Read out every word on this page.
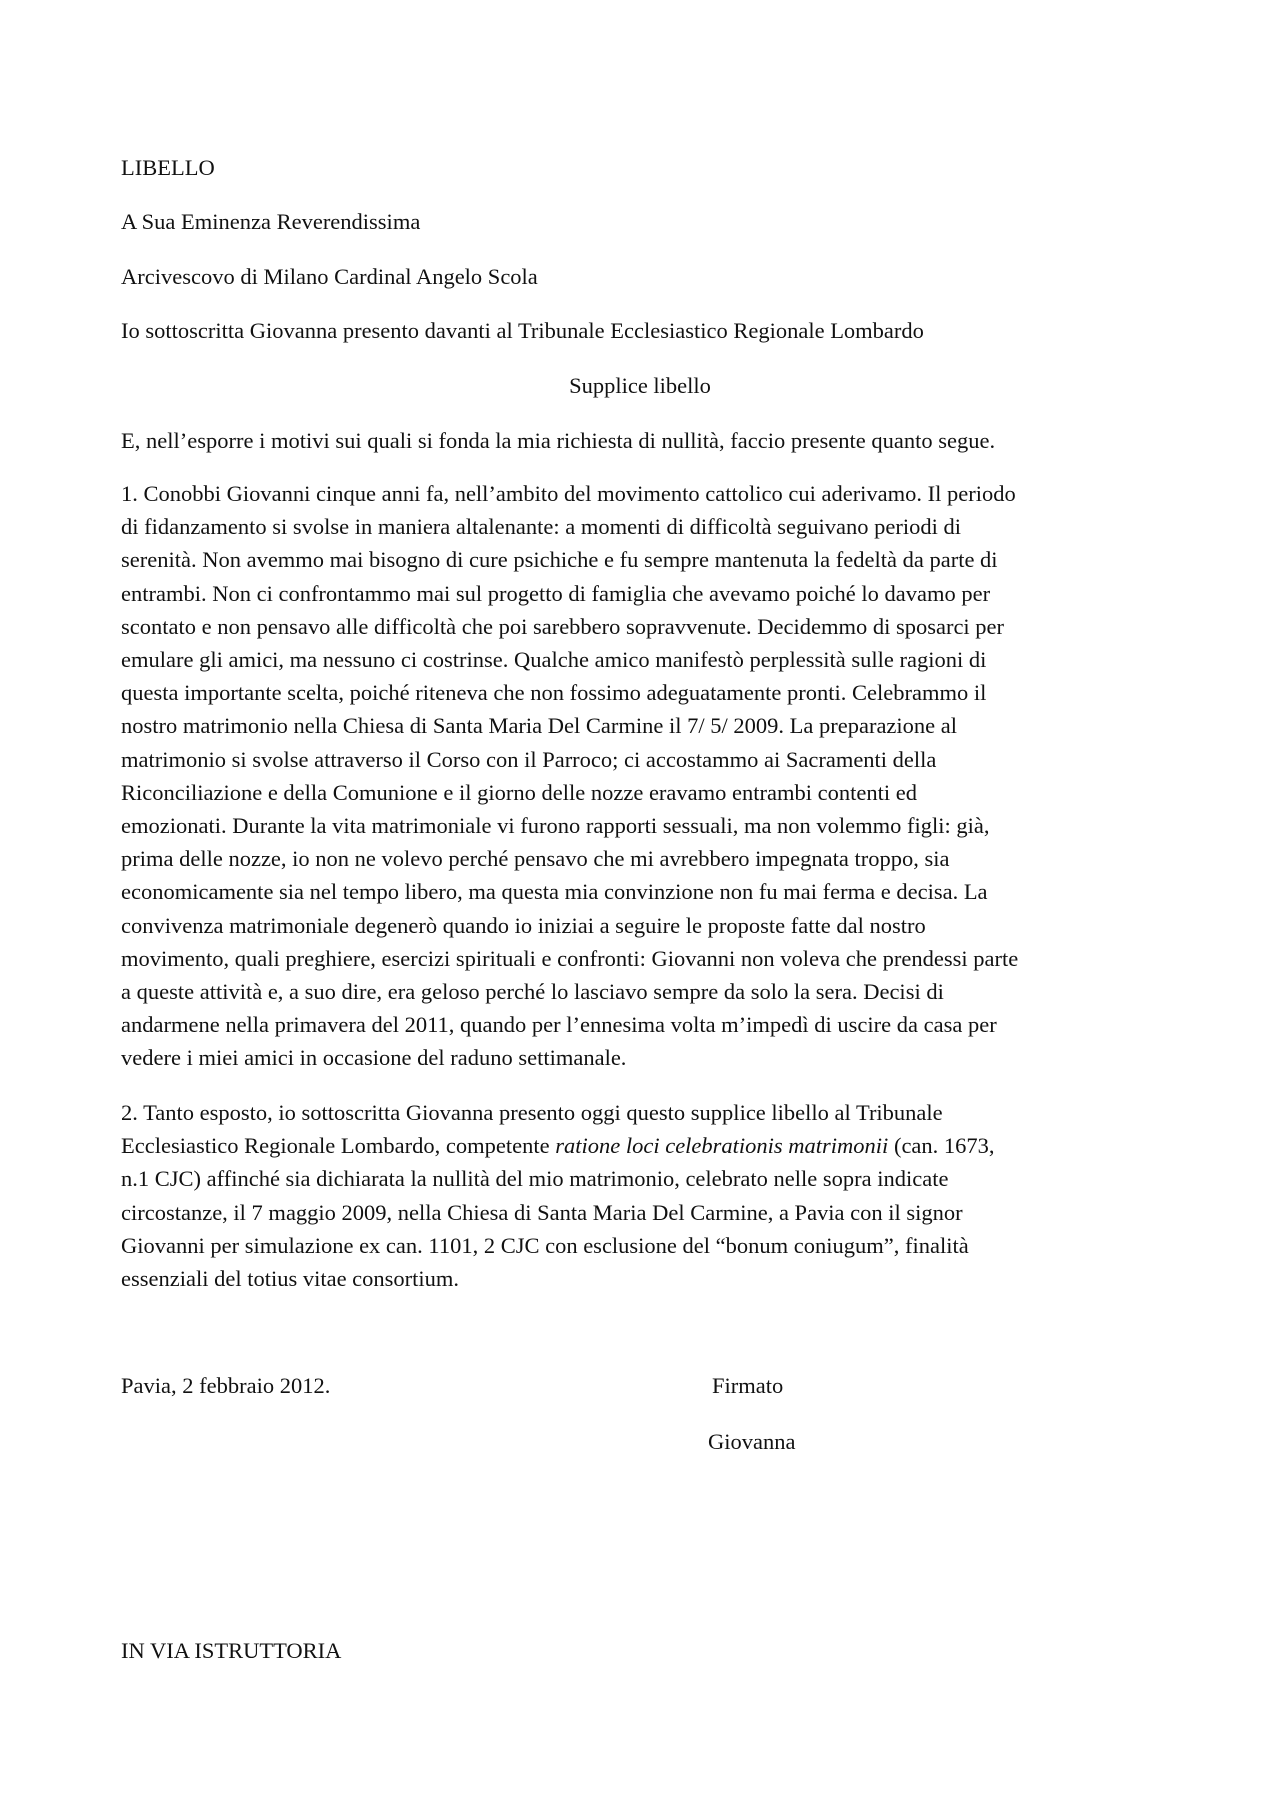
LIBELLO

A Sua Eminenza Reverendissima

Arcivescovo di Milano Cardinal Angelo Scola

Io sottoscritta Giovanna presento davanti al Tribunale Ecclesiastico Regionale Lombardo

Supplice libello

E, nell’esporre i motivi sui quali si fonda la mia richiesta di nullità, faccio presente quanto segue.

1. Conobbi Giovanni cinque anni fa, nell’ambito del movimento cattolico cui aderivamo. Il periodo
di fidanzamento si svolse in maniera altalenante: a momenti di difficoltà seguivano periodi di
serenità. Non avemmo mai bisogno di cure psichiche e fu sempre mantenuta la fedeltà da parte di
entrambi. Non ci confrontammo mai sul progetto di famiglia che avevamo poiché lo davamo per
scontato e non pensavo alle difficoltà che poi sarebbero sopravvenute. Decidemmo di sposarci per
emulare gli amici, ma nessuno ci costrinse. Qualche amico manifestò perplessità sulle ragioni di
questa importante scelta, poiché riteneva che non fossimo adeguatamente pronti. Celebrammo il
nostro matrimonio nella Chiesa di Santa Maria Del Carmine il 7/ 5/ 2009. La preparazione al
matrimonio si svolse attraverso il Corso con il Parroco; ci accostammo ai Sacramenti della
Riconciliazione e della Comunione e il giorno delle nozze eravamo entrambi contenti ed
emozionati. Durante la vita matrimoniale vi furono rapporti sessuali, ma non volemmo figli: già,
prima delle nozze, io non ne volevo perché pensavo che mi avrebbero impegnata troppo, sia
economicamente sia nel tempo libero, ma questa mia convinzione non fu mai ferma e decisa. La
convivenza matrimoniale degenerò quando io iniziai a seguire le proposte fatte dal nostro
movimento, quali preghiere, esercizi spirituali e confronti: Giovanni non voleva che prendessi parte
a queste attività e, a suo dire, era geloso perché lo lasciavo sempre da solo la sera. Decisi di
andarmene nella primavera del 2011, quando per l’ennesima volta m’impedì di uscire da casa per
vedere i miei amici in occasione del raduno settimanale.
2. Tanto esposto, io sottoscritta Giovanna presento oggi questo supplice libello al Tribunale
Ecclesiastico Regionale Lombardo, competente ratione loci celebrationis matrimonii (can. 1673,
n.1 CJC) affinché sia dichiarata la nullità del mio matrimonio, celebrato nelle sopra indicate
circostanze, il 7 maggio 2009, nella Chiesa di Santa Maria Del Carmine, a Pavia con il signor
Giovanni per simulazione ex can. 1101, 2 CJC con esclusione del “bonum coniugum”, finalità
essenziali del totius vitae consortium.

Pavia, 2 febbraio 2012.	Firmato

Giovanna

IN VIA ISTRUTTORIA
